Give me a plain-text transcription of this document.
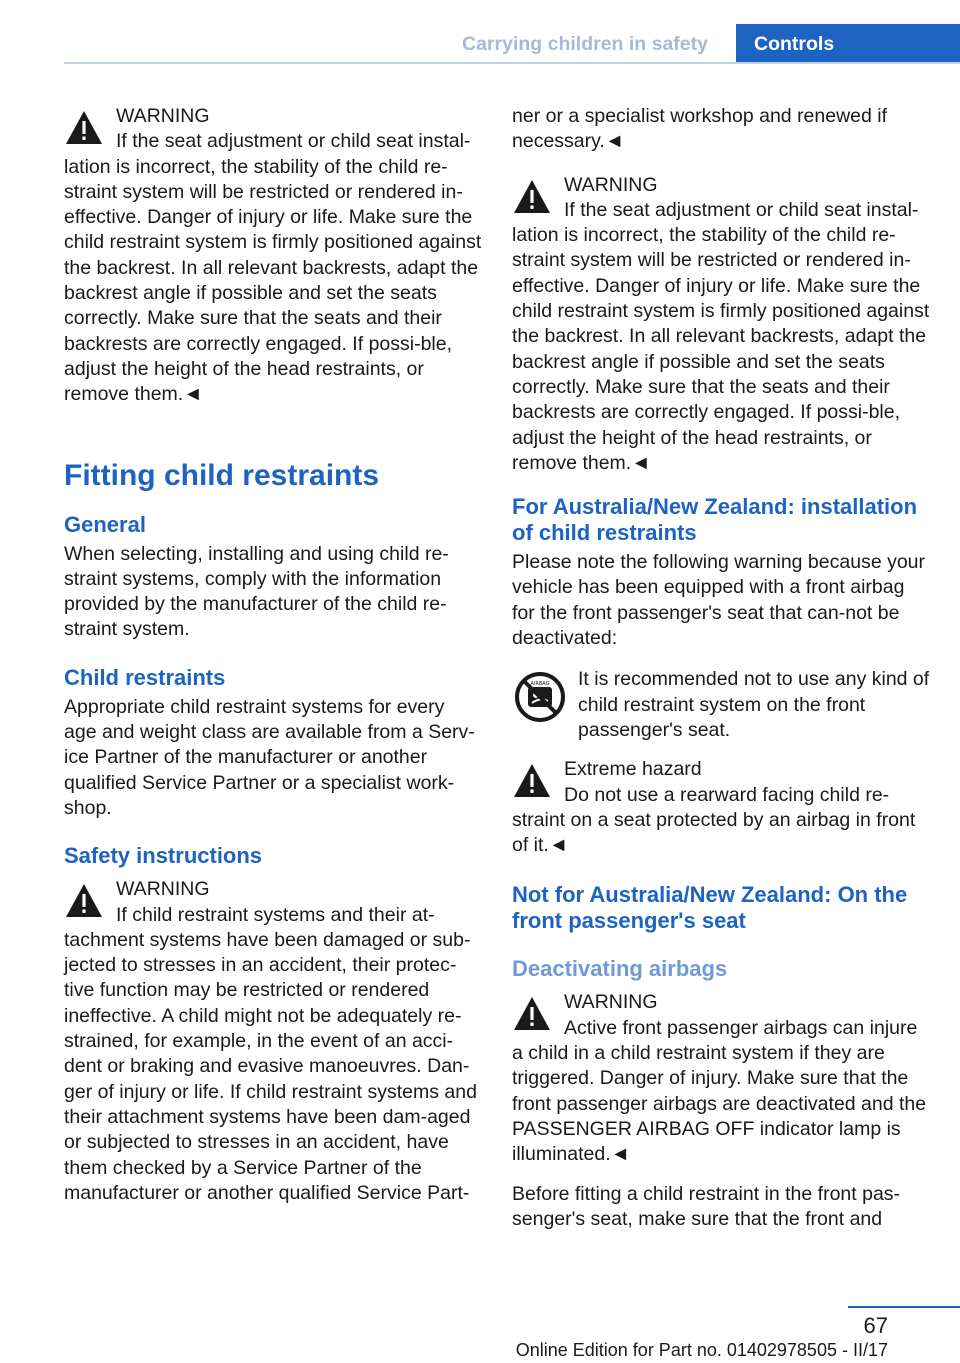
Carrying children in safety	Controls
WARNING
If the seat adjustment or child seat instal-
lation is incorrect, the stability of the child re-straint system will be restricted or rendered in-effective. Danger of injury or life. Make sure the child restraint system is firmly positioned against the backrest. In all relevant backrests, adapt the backrest angle if possible and set the seats correctly. Make sure that the seats and their backrests are correctly engaged. If possi-ble, adjust the height of the head restraints, or remove them.◄
Fitting child restraints
General

When selecting, installing and using child re-straint systems, comply with the information provided by the manufacturer of the child re-straint system.

Child restraints

Appropriate child restraint systems for every age and weight class are available from a Serv-ice Partner of the manufacturer or another qualified Service Partner or a specialist work-shop.

Safety instructions
WARNING
If child restraint systems and their at-
tachment systems have been damaged or sub-jected to stresses in an accident, their protec-tive function may be restricted or rendered ineffective. A child might not be adequately re-strained, for example, in the event of an acci-dent or braking and evasive manoeuvres. Dan-ger of injury or life. If child restraint systems and their attachment systems have been dam-aged or subjected to stresses in an accident, have them checked by a Service Partner of the manufacturer or another qualified Service Part-

ner or a specialist workshop and renewed if necessary.◄

WARNING
If the seat adjustment or child seat instal-
lation is incorrect, the stability of the child re-straint system will be restricted or rendered in-effective. Danger of injury or life. Make sure the child restraint system is firmly positioned against the backrest. In all relevant backrests, adapt the backrest angle if possible and set the seats correctly. Make sure that the seats and their backrests are correctly engaged. If possi-ble, adjust the height of the head restraints, or remove them.◄
For Australia/New Zealand: installation of child restraints

Please note the following warning because your vehicle has been equipped with a front airbag for the front passenger's seat that can-not be deactivated:

AIRBAG It is recommended not to use any kind of child restraint system on the front passenger's seat.
Extreme hazard
Do not use a rearward facing child re-
straint on a seat protected by an airbag in front of it.◄
Not for Australia/New Zealand: On the front passenger's seat
Deactivating airbags
WARNING
Active front passenger airbags can injure
a child in a child restraint system if they are triggered. Danger of injury. Make sure that the front passenger airbags are deactivated and the PASSENGER AIRBAG OFF indicator lamp is illuminated.◄

Before fitting a child restraint in the front pas-senger's seat, make sure that the front and

67
Online Edition for Part no. 01402978505 - II/17
